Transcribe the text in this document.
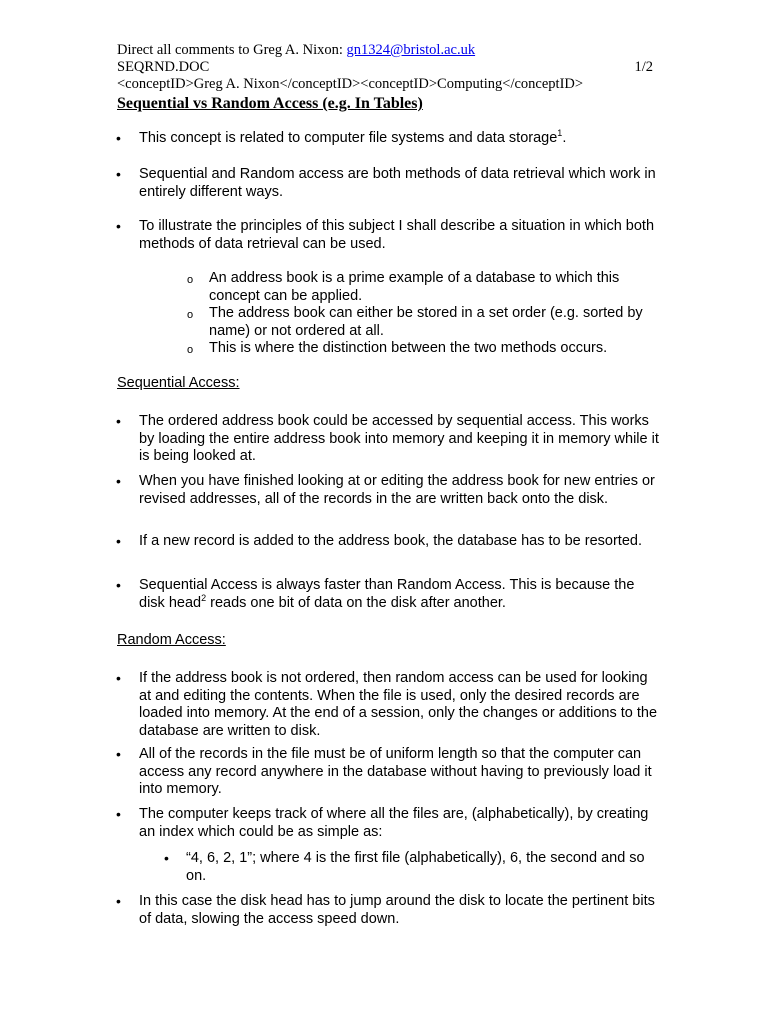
Direct all comments to Greg A. Nixon: gn1324@bristol.ac.uk
SEQRND.DOC	1/2
<conceptID>Greg A. Nixon</conceptID><conceptID>Computing</conceptID>
Sequential vs Random Access (e.g. In Tables)
• This concept is related to computer file systems and data storage$^1$.
• Sequential and Random access are both methods of data retrieval which work in entirely different ways.
• To illustrate the principles of this subject I shall describe a situation in which both methods of data retrieval can be used.
o An address book is a prime example of a database to which this concept can be applied.
o The address book can either be stored in a set order (e.g. sorted by name) or not ordered at all.
o This is where the distinction between the two methods occurs.
Sequential Access:
• The ordered address book could be accessed by sequential access. This works by loading the entire address book into memory and keeping it in memory while it is being looked at.
• When you have finished looking at or editing the address book for new entries or revised addresses, all of the records in the are written back onto the disk.
• If a new record is added to the address book, the database has to be resorted.
• Sequential Access is always faster than Random Access. This is because the disk head$^2$ reads one bit of data on the disk after another.
Random Access:
• If the address book is not ordered, then random access can be used for looking at and editing the contents. When the file is used, only the desired records are loaded into memory. At the end of a session, only the changes or additions to the database are written to disk.
• All of the records in the file must be of uniform length so that the computer can access any record anywhere in the database without having to previously load it into memory.
• The computer keeps track of where all the files are, (alphabetically), by creating an index which could be as simple as:
• “4, 6, 2, 1”; where 4 is the first file (alphabetically), 6, the second and so on.
• In this case the disk head has to jump around the disk to locate the pertinent bits of data, slowing the access speed down.
